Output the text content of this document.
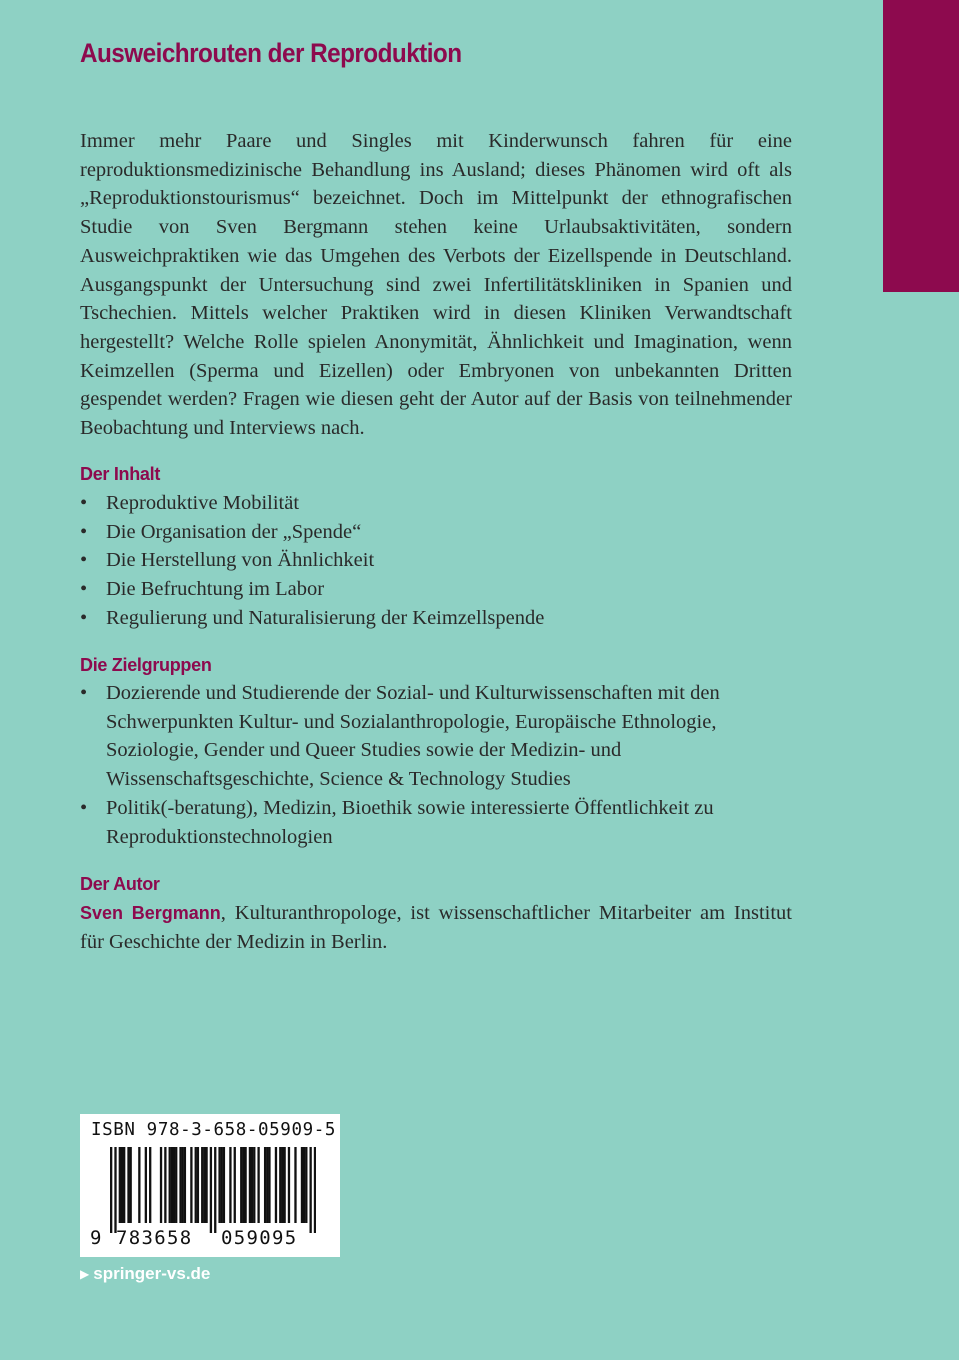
Ausweichrouten der Reproduktion

Immer mehr Paare und Singles mit Kinderwunsch fahren für eine reproduktionsmedizinische Behandlung ins Ausland; dieses Phänomen wird oft als „Reproduktionstourismus“ bezeichnet. Doch im Mittelpunkt der ethnografischen Studie von Sven Bergmann stehen keine Urlaubsaktivitäten, sondern Ausweichpraktiken wie das Umgehen des Verbots der Eizellspende in Deutschland. Ausgangspunkt der Untersuchung sind zwei Infertilitätskliniken in Spanien und Tschechien. Mittels welcher Praktiken wird in diesen Kliniken Verwandtschaft hergestellt? Welche Rolle spielen Anonymität, Ähnlichkeit und Imagination, wenn Keimzellen (Sperma und Eizellen) oder Embryonen von unbekannten Dritten gespendet werden? Fragen wie diesen geht der Autor auf der Basis von teilnehmender Beobachtung und Interviews nach.

Der Inhalt
• Reproduktive Mobilität
• Die Organisation der „Spende“
• Die Herstellung von Ähnlichkeit
• Die Befruchtung im Labor
• Regulierung und Naturalisierung der Keimzellspende
Die Zielgruppen
• Dozierende und Studierende der Sozial- und Kulturwissenschaften mit den Schwerpunkten Kultur- und Sozialanthropologie, Europäische Ethnologie, Soziologie, Gender und Queer Studies sowie der Medizin- und Wissenschaftsgeschichte, Science & Technology Studies
• Politik(-beratung), Medizin, Bioethik sowie interessierte Öffentlichkeit zu Reproduktionstechnologien
Der Autor

Sven Bergmann, Kulturanthropologe, ist wissenschaftlicher Mitarbeiter am Institut für Geschichte der Medizin in Berlin.

ISBN 978-3-658-05909-5

9 783658 059095
▶ springer-vs.de
